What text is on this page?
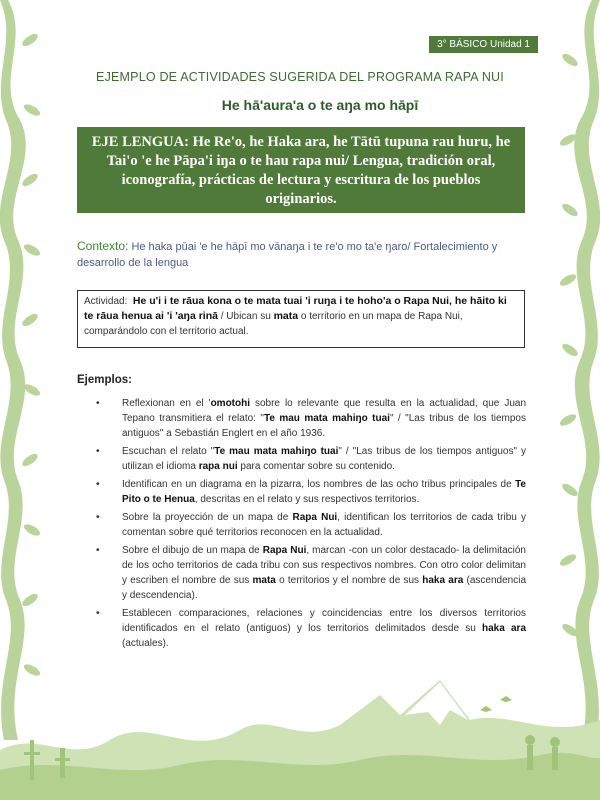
3° BÁSICO Unidad 1
EJEMPLO DE ACTIVIDADES SUGERIDA DEL PROGRAMA RAPA NUI
He hā'aura'a o te aŋa mo hāpī
EJE LENGUA: He Re'o, he Haka ara, he Tātū tupuna rau huru, he Tai'o 'e he Pāpa'i iŋa o te hau rapa nui/ Lengua, tradición oral, iconografía, prácticas de lectura y escritura de los pueblos originarios.
Contexto: He haka pūai 'e he hāpī mo vānaŋa i te re'o mo ta'e ŋaro/ Fortalecimiento y desarrollo de la lengua
Actividad: He u'i i te rāua kona o te mata tuai 'i ruŋa i te hoho'a o Rapa Nui, he hāito ki te rāua henua ai 'i 'aŋa rinā / Ubican su mata o territorio en un mapa de Rapa Nui, comparándolo con el territorio actual.
Ejemplos:
• Reflexionan en el 'omotohi sobre lo relevante que resulta en la actualidad, que Juan Tepano transmitiera el relato: "Te mau mata mahiŋo tuai" / "Las tribus de los tiempos antiguos" a Sebastián Englert en el año 1936.
• Escuchan el relato "Te mau mata mahiŋo tuai" / "Las tribus de los tiempos antiguos" y utilizan el idioma rapa nui para comentar sobre su contenido.
• Identifican en un diagrama en la pizarra, los nombres de las ocho tribus principales de Te Pito o te Henua, descritas en el relato y sus respectivos territorios.
• Sobre la proyección de un mapa de Rapa Nui, identifican los territorios de cada tribu y comentan sobre qué territorios reconocen en la actualidad.
• Sobre el dibujo de un mapa de Rapa Nui, marcan -con un color destacado- la delimitación de los ocho territorios de cada tribu con sus respectivos nombres. Con otro color delimitan y escriben el nombre de sus mata o territorios y el nombre de sus haka ara (ascendencia y descendencia).
• Establecen comparaciones, relaciones y coincidencias entre los diversos territorios identificados en el relato (antiguos) y los territorios delimitados desde su haka ara (actuales).
